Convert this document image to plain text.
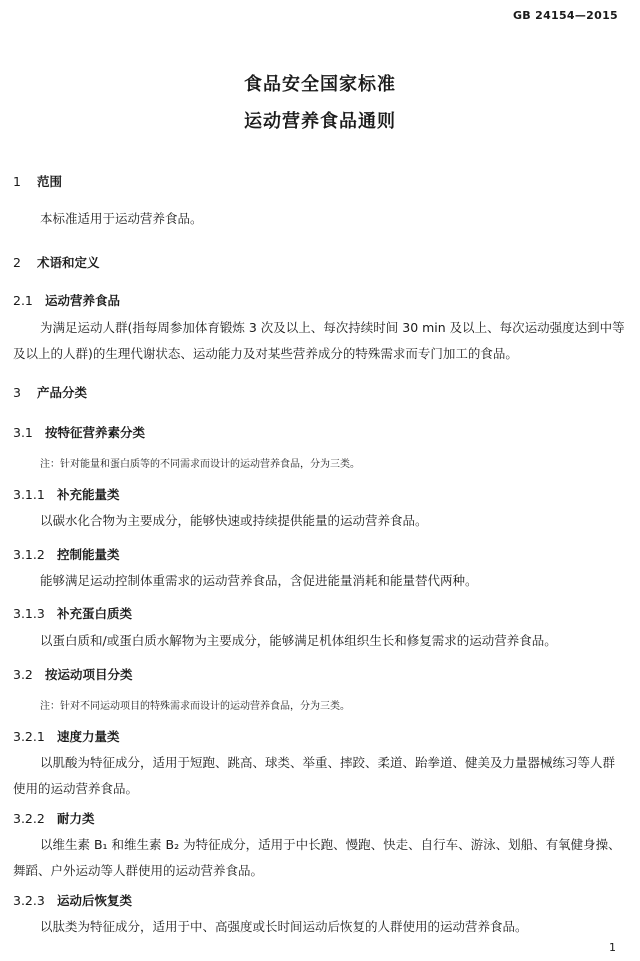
GB 24154—2015
食品安全国家标准
运动营养食品通则
1 范围
本标准适用于运动营养食品。
2 术语和定义
2.1 运动营养食品
为满足运动人群(指每周参加体育锻炼 3 次及以上、每次持续时间 30 min 及以上、每次运动强度达到中等及以上的人群)的生理代谢状态、运动能力及对某些营养成分的特殊需求而专门加工的食品。
3 产品分类
3.1 按特征营养素分类
注：针对能量和蛋白质等的不同需求而设计的运动营养食品，分为三类。
3.1.1 补充能量类
以碳水化合物为主要成分，能够快速或持续提供能量的运动营养食品。
3.1.2 控制能量类
能够满足运动控制体重需求的运动营养食品，含促进能量消耗和能量替代两种。
3.1.3 补充蛋白质类
以蛋白质和/或蛋白质水解物为主要成分，能够满足机体组织生长和修复需求的运动营养食品。
3.2 按运动项目分类
注：针对不同运动项目的特殊需求而设计的运动营养食品，分为三类。
3.2.1 速度力量类
以肌酸为特征成分，适用于短跑、跳高、球类、举重、摔跤、柔道、跆拳道、健美及力量器械练习等人群使用的运动营养食品。
3.2.2 耐力类
以维生素 B₁ 和维生素 B₂ 为特征成分，适用于中长跑、慢跑、快走、自行车、游泳、划船、有氧健身操、舞蹈、户外运动等人群使用的运动营养食品。
3.2.3 运动后恢复类
以肽类为特征成分，适用于中、高强度或长时间运动后恢复的人群使用的运动营养食品。
1
